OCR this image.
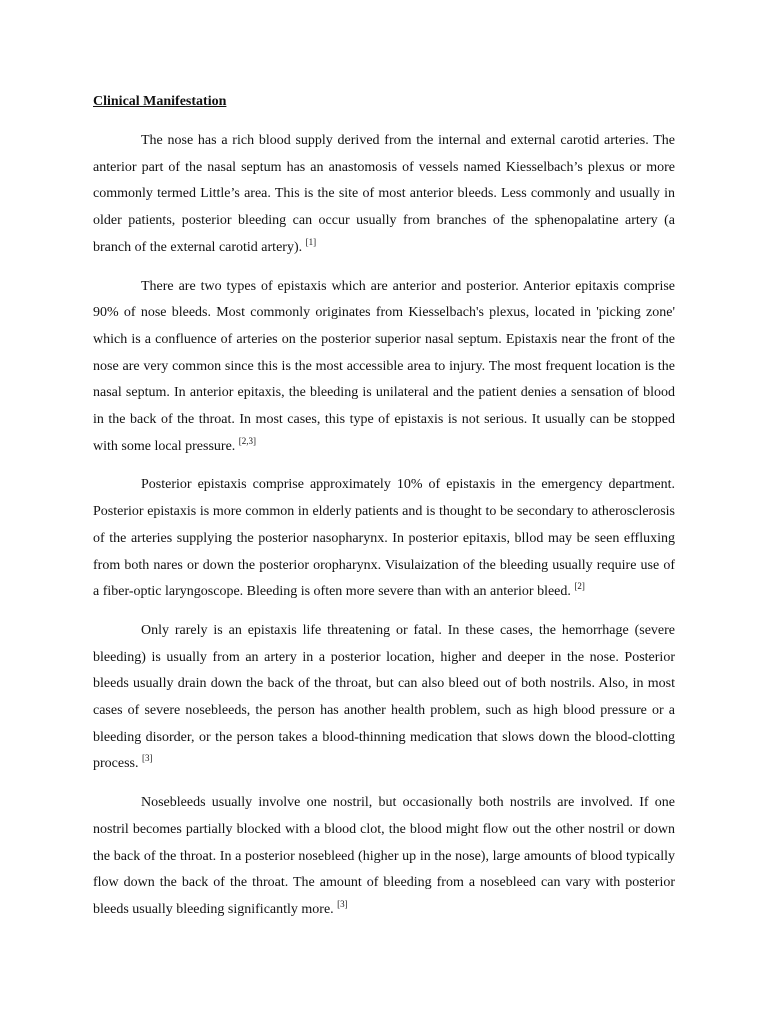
Clinical Manifestation

The nose has a rich blood supply derived from the internal and external carotid arteries. The anterior part of the nasal septum has an anastomosis of vessels named Kiesselbach’s plexus or more commonly termed Little’s area. This is the site of most anterior bleeds. Less commonly and usually in older patients, posterior bleeding can occur usually from branches of the sphenopalatine artery (a branch of the external carotid artery). [1]

There are two types of epistaxis which are anterior and posterior. Anterior epitaxis comprise 90% of nose bleeds. Most commonly originates from Kiesselbach's plexus, located in 'picking zone' which is a confluence of arteries on the posterior superior nasal septum. Epistaxis near the front of the nose are very common since this is the most accessible area to injury. The most frequent location is the nasal septum. In anterior epitaxis, the bleeding is unilateral and the patient denies a sensation of blood in the back of the throat. In most cases, this type of epistaxis is not serious. It usually can be stopped with some local pressure. [2,3]

Posterior epistaxis comprise approximately 10% of epistaxis in the emergency department. Posterior epistaxis is more common in elderly patients and is thought to be secondary to atherosclerosis of the arteries supplying the posterior nasopharynx. In posterior epitaxis, bllod may be seen effluxing from both nares or down the posterior oropharynx. Visulaization of the bleeding usually require use of a fiber-optic laryngoscope. Bleeding is often more severe than with an anterior bleed. [2]

Only rarely is an epistaxis life threatening or fatal. In these cases, the hemorrhage (severe bleeding) is usually from an artery in a posterior location, higher and deeper in the nose. Posterior bleeds usually drain down the back of the throat, but can also bleed out of both nostrils. Also, in most cases of severe nosebleeds, the person has another health problem, such as high blood pressure or a bleeding disorder, or the person takes a blood-thinning medication that slows down the blood-clotting process. [3]

Nosebleeds usually involve one nostril, but occasionally both nostrils are involved. If one nostril becomes partially blocked with a blood clot, the blood might flow out the other nostril or down the back of the throat. In a posterior nosebleed (higher up in the nose), large amounts of blood typically flow down the back of the throat. The amount of bleeding from a nosebleed can vary with posterior bleeds usually bleeding significantly more. [3]
